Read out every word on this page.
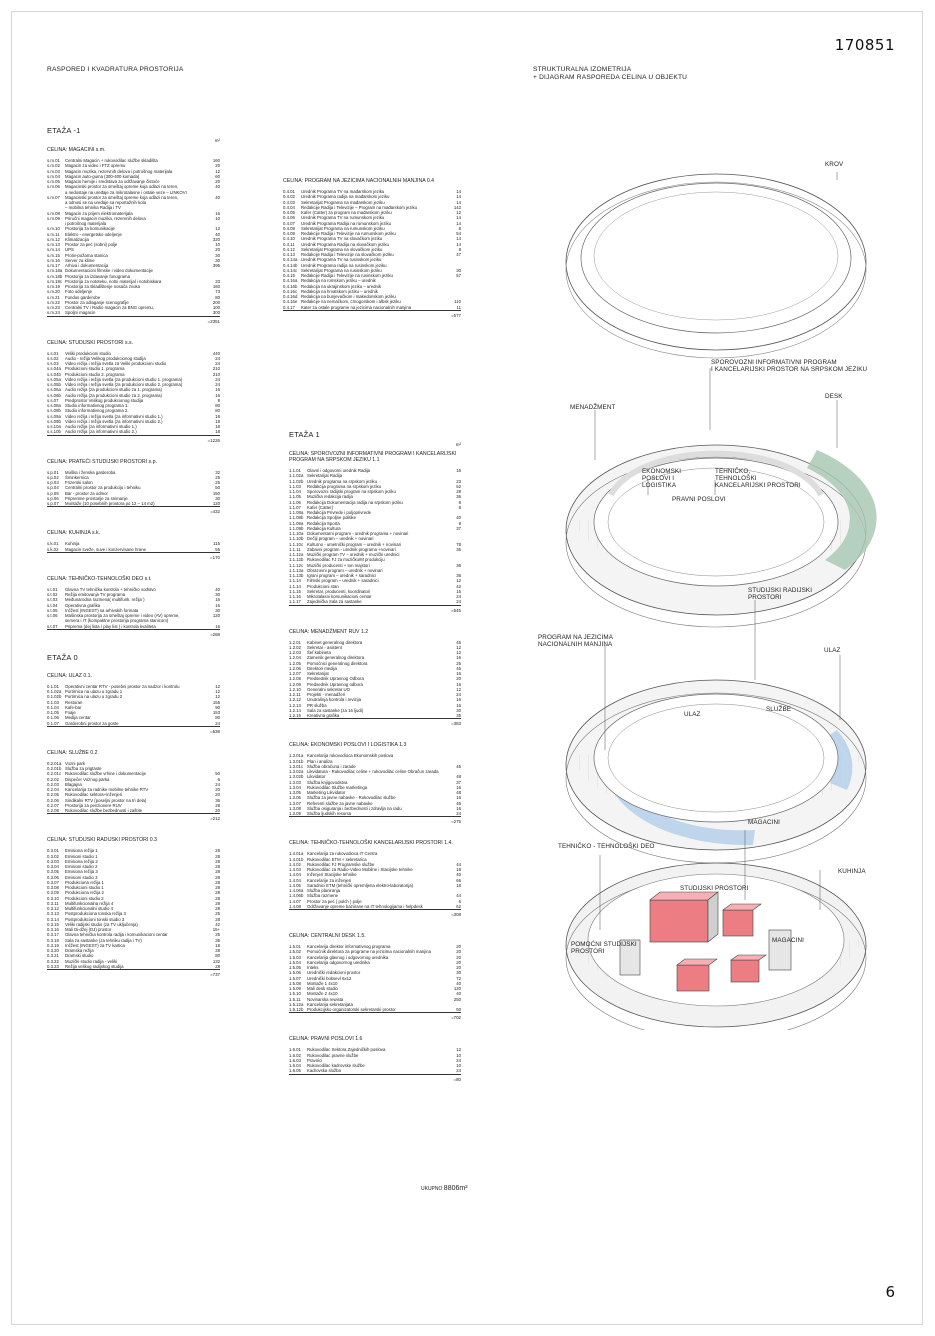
170851
6
RASPORED I KVADRATURA PROSTORIJA	STRUKTURALNA IZOMETRIJA
+ DIJAGRAM RASPOREDA CELINA U OBJEKTU
ETAŽA -1
m²
CELINA: MAGACINI s.m.
s.m.01	Centralni Magacin + rukovodilac službe skladišta	160
s.m.02	Magacin za video i FTZ opremu	20
s.m.03	Magacin muzika, rezervnih delova i potrošnog materijala	12
s.m.04	Magacin auto-guma (300-400 komada)	60
s.m.05	Magacin hemije i sredstava za održavanje čistoće	20
s.m.06	Magacinski prostor za smeštaj opreme koja odlazi na teren,	40
a nedostaje na uređaje za mikrotalasne i ostale veze – LINKOVI
s.m.07	Magacinski prostor za smeštaj opreme koja odlazi na teren,	40
a odnosi se na uređaje sa reportažnih kola
– mobilna tehnika Radija i TV
s.m.08	Magacin za prijem elektromaterijala	16
s.m.09	Priručni magacin muzika, rezervnih delova	10
i potrošnog materijala
s.m.10	Prostorija za komunikacije	12
s.m.11	Elektro - energetsko odeljenje	40
s.m.12	Klimatizacija	320
s.m.13	Prostor za peć (sobni) polje	10
s.m.14	UPS	20
s.m.15	Protiv-požarna stanica	30
s.m.16	Server za klime	30
s.m.17	Arhiva i dokumentacija	395
s.m.18a Dokumentacioni filmske i video dokumentacije
s.m.18b Prostorija za izdavanje fonograma
s.m.18c Prostorija za nototeku, notni materijal i notobiskara	33
s.m.19	Prostorija za skladištenje nosača zvuka	160
s.m.20	Foto odeljenje	73
s.m.21	Fundus garderobe	80
s.m.22	Prostor za odlaganje scenografije	200
s.m.23	Centralni TV i Radio magacin za BNG opremu,	100
s.m.24	Spoljni magacin	300
=2351
CELINA: STUDIJSKI PROSTORI s.s.
s.s.01	Veliki produkcioni studio	440
s.s.02	Audio - režija Velikog produkcionog studija	24
s.s.03	Video režija i režija svetla za Veliki produkcioni studio	24
s.s.04a Produkcioni studio 1. programa	210
s.s.04b Produkcioni studio 2. programa	210
s.s.05a Video režija i režija svetla (za produkcioni studio 1. programa)	24
s.s.05b Video režija i režija svetla (za produkcioni studio 2. programa)	24
s.s.06a Audio režija (za produkcioni studio za 1. programa)	16
s.s.06b Audio režija (za produkcioni studio za 2. programa)	16
s.s.07	Predprostor Velikog produkcionog studija	8
s.s.08a Studio informativnog programa 1.	80
s.s.08b Studio informativnog programa 2.	80
s.s.09a Video režija i režija svetla (za informativni studio 1.)	18
s.s.09b Video režija i režija svetla (za informativni studio 2.)	18
s.s.10a Audio režija (za informativni studio 1.)	18
s.s.10b Audio režija (za informativni studio 2.)	18
=1226
CELINA: PRATEĆI STUDIJSKI PROSTORI s.p.
s.p.01	Muška i ženska garderoba	32
s.p.02	Šminkernica	25
s.p.03	Frizerski salon	25
s.p.04	Centralni prostor za produkciju i tehniku	50
s.p.05	Bar - prostor za odmor	150
s.p.06	Pripremne prostorije za snimanje	30
s.p.07	Montaže (10 posebnih prostora po 12 – 14 m2)	120
=432
CELINA: KUHINJA s.k.
s.k.01	Kuhinja	115
s.k.02	Magacin sveže, suve i konzervisane hrane	55
=170
CELINA: TEHNIČKO-TEHNOLOŠKI DEO s.t.
s.t.01	Glavna TV tehnička kontrola + tehničko vođstvo	40
s.t.02	Režija emitovanja TV programa	30
s.t.03	Međunarodna razmena( multifunk. režija )	16
s.t.04	Operativna grafika	16
s.t.05	Inčžest (INGEST) sa arhivskih formata	30
s.t.06	Mašinska prostorija za smeštaj opreme i video (AV) opreme,	120
servera i IT (kompaktne prostorija programa stanicom)
s.t.07	Priprema (dej lista / play list ) i kontrola kvaliteta	16
=268
ETAŽA 0
CELINA: ULAZ 0.1.
0.1.01	Operativni centar RTV - posebni prostor za nadzor i kontrolu	12
0.1.02a Portirnica na ulazu u zgradu 1	12
0.1.02b Portirnica na ulazu u zgradu 2	12
0.1.03	Restoran	155
0.1.04	Kafe-bar	90
0.1.05	Foaje	153
0.1.06	Medija centar	80
0.1.07	Garderobni prostor za goste	24
=538
CELINA: SLUŽBE 0.2
0.2.01a Vozni park
0.2.01b Služba za prigtaste
0.2.01c Rukovodilac službe vrhine i dokumentacije	50
0.2.02	Dispečer Voznog parka	6
0.2.03	Blagajna	24
0.2.04	Kancelarija za radnike mobilne tehnike RTV	20
0.2.05	Rukovodilac sektora+inženjeri	20
0.2.06	Sindikalni RTV (poseljni prostor na tri dela)	36
0.2.07	Prostorija za penzionere RUV	28
0.2.08	Rukovodilac službe bezbednosti i zaštite	20
=212
CELINA: STUDIJSKI RADIJSKI PROSTORI 0.3
0.3.01	Emisiona režija 1	25
0.3.02	Emisioni studio 1	28
0.3.03	Emisiona režija 2	28
0.3.04	Emisioni studio 2	28
0.3.05	Emisiona režija 3	28
0.3.06	Emisioni studio 3	28
0.3.07	Produkciona režija 1	28
0.3.08	Produkcioni studio 1	28
0.3.09	Produkciona režija 2	28
0.3.10	Produkcioni studio 2	28
0.3.11	Multifunkcionalna režija 4	28
0.3.12	Multifunkcionalni studio 4	28
0.3.13	Postprodukciona tonska režija 3	25
0.3.14	Postprodukcioni tonski studio 3	28
0.3.15	Veliki radijski studio (za TV uključenja)	42
0.3.16	Mali Di-džej (DJ) prostor	15+
0.3.17	Glavna tehnička kontrola radija i komunikacioni centar	25
0.3.18	Sala za sastanke (za tehniku radija i TV)	35
0.3.19	Inčžest (INGEST) za TV kartica	18
0.3.20	Dramska režija	28
0.3.21	Dramski studio	80
0.3.22	Muzički studio radija - veliki	132
0.3.23	Režija velikog radijskog studija	28
=737
CELINA: PROGRAM NA JEZICIMA NACIONALNIH MANJINA 0.4
0.4.01	Urednik Programa TV na mađarskom jeziku	14
0.4.02	Urednik Programa radija na mađarskom jeziku	14
0.4.03	Sekretarijat Programa na mađarskom jeziku	14
0.4.04	Redakcije Radija i Televizije – Program na mađarskom jeziku	142
0.4.05	Kafer (Catter) za program na mađarskom jeziku	12
0.4.06	Urednik Programa TV na rumunskom jeziku	14
0.4.07	Urednik Programa Radija na rumunskom jeziku	14
0.4.08	Sekretarijat Programa na rumunskom jeziku	8
0.4.09	Redakcije Radija i Televizije na rumunskom jeziku	54
0.4.10	Urednik Programa TV na slovačkom jeziku	14
0.4.11	Urednik Programa Radija na slovačkom jeziku	14
0.4.12	Sekretarijat Programa na slovačkom jeziku	8
0.4.13	Redakcije Radija i Televizije na slovačkom jeziku	47
0.4.14a Urednik Programa TV na rusinskom jeziku
0.4.14b Urednik Programa radija na rusinskom jeziku
0.4.14c Sekretarijat Programa na rusinskom jeziku	30
0.4.15	Redakcije Radija i Televizije na rusinskom jeziku	57
0.4.16a Redakcija na romskom jeziku – urednik
0.4.16b Redakcija na ukrajinskom jeziku – urednik
0.4.16c Redakcija na hrvatskom jeziku – urednik
0.4.16d Redakcija na bunjevačkom i makedonskom jeziku
0.4.16e Redakcije na nemačkom, crnogorskom i albsk jeziku	110
0.4.17	Kater za ostale programe na jezicima nacionalnih manjina	11
=577
ETAŽA 1
m²
CELINA: SPOROVOZNI INFORMATIVNI PROGRAM I KANCELARIJSKI PROGRAM NA SRPSKOM JEZIKU 1.1
1.1.01	Glavni i odgovorni urednik Radija	15
1.1.02a Sekretarijat Radija
1.1.02b Urednik programa na srpskom jeziku	23
1.1.03	Redakcija programa na srpskom jeziku	52
1.1.04	Sporovozni radijski program na srpskom jeziku	28
1.1.05	Muzička redakcija radija	36
1.1.06	Redakcija Dokumentacija radija na srpskom jeziku	8
1.1.07	Kafer (Catter)	8
1.1.08a Redakcija Privrede i poljoprivrede
1.1.08b Redakcija Spoljne politike	40
1.1.09a Redakcija Sporta	8
1.1.09b Redakcija Kultura	37
1.1.10a Dokumentarni program - urednik programa + novinari
1.1.10b Dečiji program – urednik + novinari
1.1.10c Kulturno - umetnički program – urednik + novinari	78
1.1.11	Zabavni program - urednik programa +novinari	36
1.1.12a Muzički program TV – urednik + muzički urednici
1.1.12b Rukovodilac FJ za muzičku/M produkciju
1.1.12c Muzički producenti + ton majstori	36
1.1.13a Obrazovni program – urednik + novinari
1.1.13b Igrani program – urednik + saradnici	36
1.1.14	Filmski program – urednik + saradnici	12
1.1.14	Produkcioni stan	42
1.1.15	Sekretar, producenti, koordinatori	15
1.1.16	Mikrotalasni komunikacioni centar	24
1.1.17	Zajednička Sala za sastanke	24
=545
CELINA: MENADŽMENT RUV 1.2
1.2.01	Kabinet generalnog direktora	45
1.2.02	Sekretar - asistent	12
1.2.03	Šef kabineta	12
1.2.04	Zamenik generalnog direktora	16
1.2.05	Pomoćnici generalnog direktora	25
1.2.06	Direktori medija	46
1.2.07	Sekretarijat	16
1.2.08	Predsednik Upravnog Odbora	20
1.2.09	Predsednik Upravnog odbora	16
1.2.10	Generalni sekretar UO	12
1.2.11	Projekti - menadžeri	24
1.2.12	Unutrašnja kontrola i revizija	16
1.2.13	PR služba	16
1.2.14	Sala za sastanke (za 16 ljudi)	30
1.2.15	Kreativna grafika	35
=383
CELINA: EKONOMSKI POSLOVI I LOGISTIKA 1.3
1.3.01a Kancelarija rukovodioca Ekonomskih poslova
1.3.01b Plan i analiza
1.3.01c Služba obračuna i zarade	46
1.3.02a Likvidatura - Rukovodilac celine + rukovodilac celine Obračun zarada
1.3.02b Likvidator	48
1.3.03	Služba knjigovodstva	37
1.3.04	Rukovodilac Službe marketinga	16
1.3.05	Marketing Likvidator	48
1.3.06	Služba za javne nabavke - Rukovodilac službe	16
1.3.07	Referenti službe za javne nabavke	46
1.3.08	Služba osiguranja i bezbednosti i zdravlja na radu	16
1.3.09	Služba ljudskih resursa	24
=275
CELINA: TEHNIČKO-TEHNOLOŠKI KANCELARIJSKI PROSTORI 1.4.
1.4.01a Kancelarija za rukovodioca IT Centra
1.4.01b Rukovodilac ETM + sekretarica
1.4.02	Rukovodilac FJ Programske službe	44
1.4.03	Rukovodilac za Radio-Video Mobilne i Stacijske tehnike	18
1.4.04	Inženjeri Stacijske tehnike	40
1.4.04	Kancelarije za inženjeri	66
1.4.05	Saradnici ETM (tehnički opremljena elektro-laboratorija)	18
1.4.06a Služba planiranja
1.4.06b Služba razmene	44
1.4.07	Prostor za peć ( polch ) polje	6
1.4.08	Održavanje opreme baziirane na IT tehnologijama i helpdesk	62
=308
CELINA: CENTRALNI DESK 1.5.
1.5.01	Kancelarija direktor informativnog programa	20
1.5.02	Pomoćnik direktora za programe na jezicima nacionalnih manjina	20
1.5.03	Kancelarija glavnog i odgovornog urednika	20
1.5.04	Kancelarija odgovornog urednika	20
1.5.05	Inteks	20
1.5.06	Urednički redakcioni prostor	30
1.5.07	Urednički bokseví 6x12	72
1.5.08	Montaže 1 4x10	40
1.5.09	Mali desk studio	120
1.5.10	Montaže 2 4x10	40
1.5.11	Novinarska rewista	250
1.5.12a Kancelarija sekretarijata
1.5.12b Produkcijsko organizatorski sekretarski prostor	50
=702
CELINA: PRAVNI POSLOVI 1.6
1.6.01	Rukovodilac Sektora Zajedničkih poslova	12
1.6.02	Rukovodilac pravne službe	10
1.6.03	Pravnici	24
1.6.04	Rukovodilac kadrovske službe	10
1.6.05	Kadrovska služba	24
=80
UKUPNO 8806m²
KROV
SPOROVOZNI INFORMATIVNI PROGRAM
I KANCELARIJSKI PROSTOR NA SRPSKOM JEZIKU
MENADŽMENT
DESK
EKONOMSKI
POSLOVI I
LOGISTIKA
TEHNIČKO,
TEHNOLOŠKI
KANCELARIJSKI PROSTORI
PRAVNI POSLOVI
STUDIJSKI RADIJSKI
PROSTORI
PROGRAM NA JEZICIMA
NACIONALNIH MANJINA
ULAZ
ULAZ
SLUŽBE
MAGACINI
TEHNIČKO - TEHNOLOŠKI DEO
KUHINJA
STUDIJSKI PROSTORI
POMOĆNI STUDIJSKI
PROSTORI
MAGACINI
